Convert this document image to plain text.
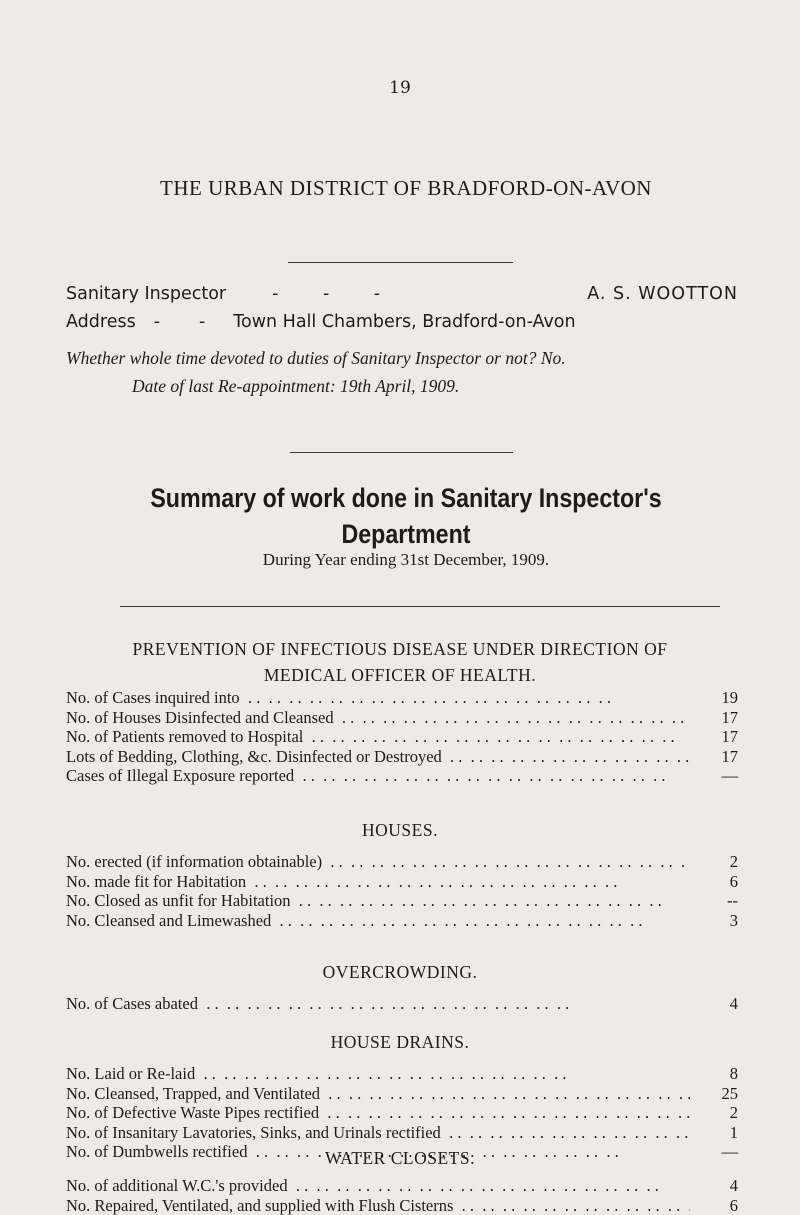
19
THE URBAN DISTRICT OF BRADFORD-ON-AVON
Sanitary Inspector	-        -        -	A. S. WOOTTON
Address -       - Town Hall Chambers, Bradford-on-Avon
Whether whole time devoted to duties of Sanitary Inspector or not? No.
Date of last Re-appointment: 19th April, 1909.
Summary of work done in Sanitary Inspector's
Department
During Year ending 31st December, 1909.
PREVENTION OF INFECTIOUS DISEASE UNDER DIRECTION OF
MEDICAL OFFICER OF HEALTH.
No. of Cases inquired into . .	19
No. of Houses Disinfected and Cleansed . .	17
No. of Patients removed to Hospital . .	17
Lots of Bedding, Clothing, &c. Disinfected or Destroyed . .	17
Cases of Illegal Exposure reported . .	—
HOUSES.
No. erected (if information obtainable) . .	2
No. made fit for Habitation . .	6
No. Closed as unfit for Habitation . .	--
No. Cleansed and Limewashed . .	3
OVERCROWDING.
No. of Cases abated . .	4
HOUSE DRAINS.
No. Laid or Re-laid . .	8
No. Cleansed, Trapped, and Ventilated . .	25
No. of Defective Waste Pipes rectified . .	2
No. of Insanitary Lavatories, Sinks, and Urinals rectified . .	1
No. of Dumbwells rectified . .	—
WATER CLOSETS.
No. of additional W.C.'s provided . .	4
No. Repaired, Ventilated, and supplied with Flush Cisterns . .	6
